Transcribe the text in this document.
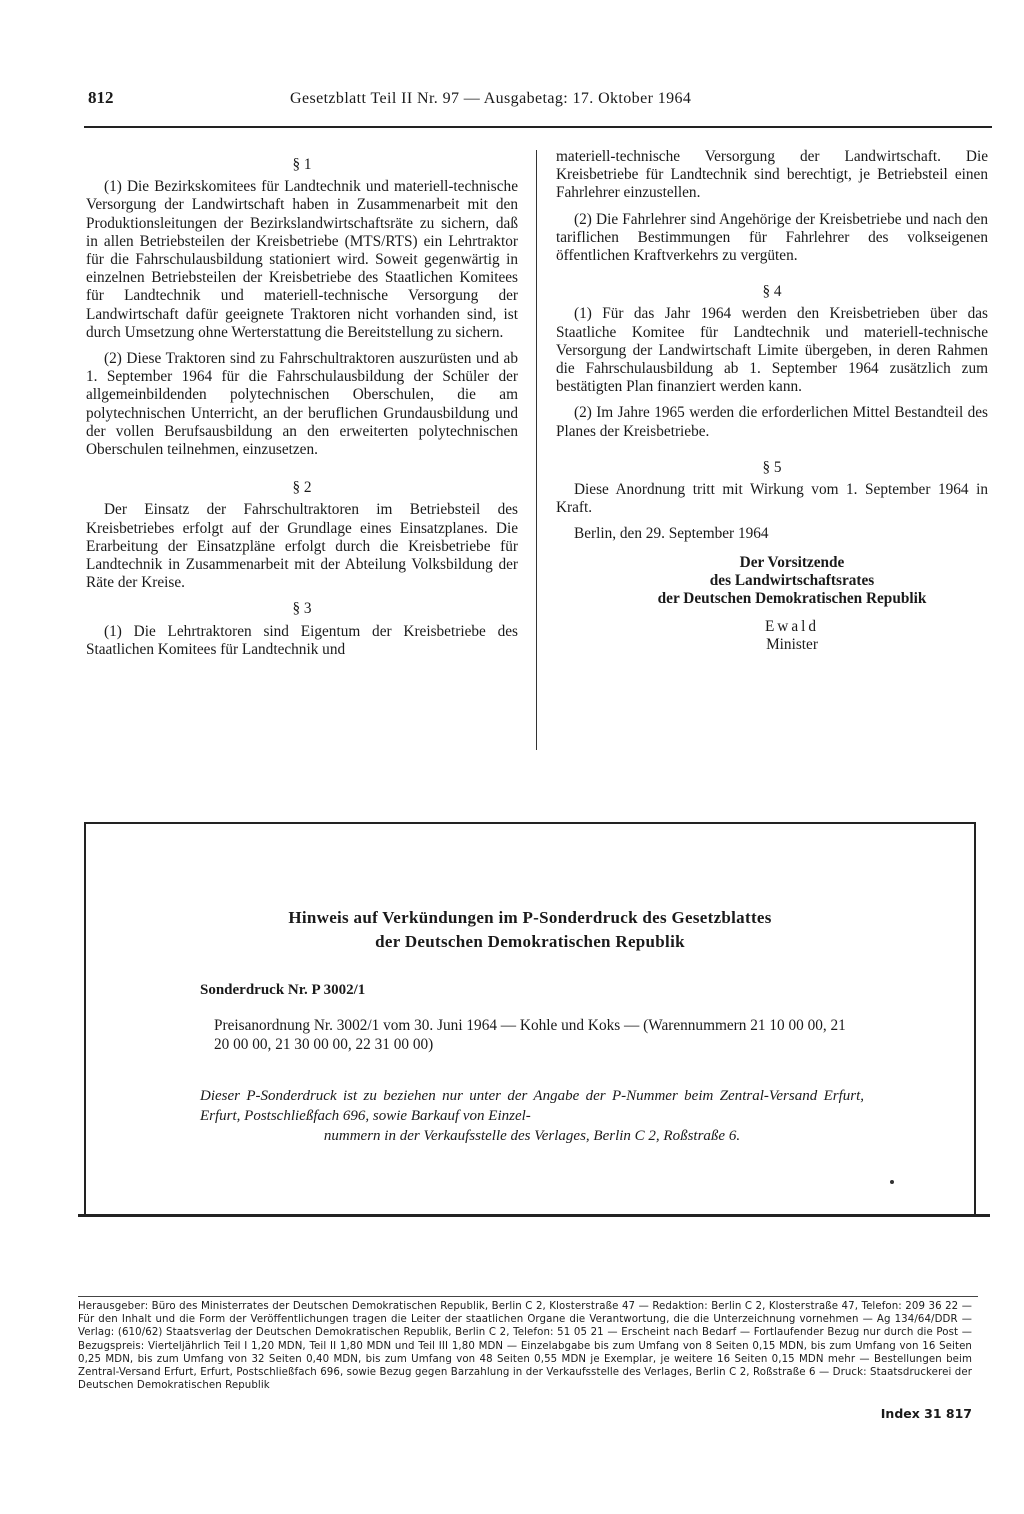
812	Gesetzblatt Teil II Nr. 97 — Ausgabetag: 17. Oktober 1964
§ 1

(1) Die Bezirkskomitees für Landtechnik und materiell-technische Versorgung der Landwirtschaft haben in Zusammenarbeit mit den Produktionsleitungen der Bezirkslandwirtschaftsräte zu sichern, daß in allen Betriebsteilen der Kreisbetriebe (MTS/RTS) ein Lehrtraktor für die Fahrschulausbildung stationiert wird. Soweit gegenwärtig in einzelnen Betriebsteilen der Kreisbetriebe des Staatlichen Komitees für Landtechnik und materiell-technische Versorgung der Landwirtschaft dafür geeignete Traktoren nicht vorhanden sind, ist durch Umsetzung ohne Werterstattung die Bereitstellung zu sichern.

(2) Diese Traktoren sind zu Fahrschultraktoren auszurüsten und ab 1. September 1964 für die Fahrschulausbildung der Schüler der allgemeinbildenden polytechnischen Oberschulen, die am polytechnischen Unterricht, an der beruflichen Grundausbildung und der vollen Berufsausbildung an den erweiterten polytechnischen Oberschulen teilnehmen, einzusetzen.

§ 2

Der Einsatz der Fahrschultraktoren im Betriebsteil des Kreisbetriebes erfolgt auf der Grundlage eines Einsatzplanes. Die Erarbeitung der Einsatzpläne erfolgt durch die Kreisbetriebe für Landtechnik in Zusammenarbeit mit der Abteilung Volksbildung der Räte der Kreise.

§ 3

(1) Die Lehrtraktoren sind Eigentum der Kreisbetriebe des Staatlichen Komitees für Landtechnik und

materiell-technische Versorgung der Landwirtschaft. Die Kreisbetriebe für Landtechnik sind berechtigt, je Betriebsteil einen Fahrlehrer einzustellen.

(2) Die Fahrlehrer sind Angehörige der Kreisbetriebe und nach den tariflichen Bestimmungen für Fahrlehrer des volkseigenen öffentlichen Kraftverkehrs zu vergüten.

§ 4

(1) Für das Jahr 1964 werden den Kreisbetrieben über das Staatliche Komitee für Landtechnik und materiell-technische Versorgung der Landwirtschaft Limite übergeben, in deren Rahmen die Fahrschulausbildung ab 1. September 1964 zusätzlich zum bestätigten Plan finanziert werden kann.

(2) Im Jahre 1965 werden die erforderlichen Mittel Bestandteil des Planes der Kreisbetriebe.

§ 5

Diese Anordnung tritt mit Wirkung vom 1. September 1964 in Kraft.

Berlin, den 29. September 1964

Der Vorsitzende
des Landwirtschaftsrates
der Deutschen Demokratischen Republik
Ewald
Minister
Hinweis auf Verkündungen im P-Sonderdruck des Gesetzblattes
der Deutschen Demokratischen Republik
Sonderdruck Nr. P 3002/1
Preisanordnung Nr. 3002/1 vom 30. Juni 1964 — Kohle und Koks — (Warennummern 21 10 00 00, 21 20 00 00, 21 30 00 00, 22 31 00 00)
Dieser P-Sonderdruck ist zu beziehen nur unter der Angabe der P-Nummer beim Zentral-Versand Erfurt, Erfurt, Postschließfach 696, sowie Barkauf von Einzel-
nummern in der Verkaufsstelle des Verlages, Berlin C 2, Roßstraße 6.
Herausgeber: Büro des Ministerrates der Deutschen Demokratischen Republik, Berlin C 2, Klosterstraße 47 — Redaktion: Berlin C 2, Klosterstraße 47, Telefon: 209 36 22 — Für den Inhalt und die Form der Veröffentlichungen tragen die Leiter der staatlichen Organe die Verantwortung, die die Unterzeichnung vornehmen — Ag 134/64/DDR — Verlag: (610/62) Staatsverlag der Deutschen Demokratischen Republik, Berlin C 2, Telefon: 51 05 21 — Erscheint nach Bedarf — Fortlaufender Bezug nur durch die Post — Bezugspreis: Vierteljährlich Teil I 1,20 MDN, Teil II 1,80 MDN und Teil III 1,80 MDN — Einzelabgabe bis zum Umfang von 8 Seiten 0,15 MDN, bis zum Umfang von 16 Seiten 0,25 MDN, bis zum Umfang von 32 Seiten 0,40 MDN, bis zum Umfang von 48 Seiten 0,55 MDN je Exemplar, je weitere 16 Seiten 0,15 MDN mehr — Bestellungen beim Zentral-Versand Erfurt, Erfurt, Postschließfach 696, sowie Bezug gegen Barzahlung in der Verkaufsstelle des Verlages, Berlin C 2, Roßstraße 6 — Druck: Staatsdruckerei der Deutschen Demokratischen Republik
Index 31 817
